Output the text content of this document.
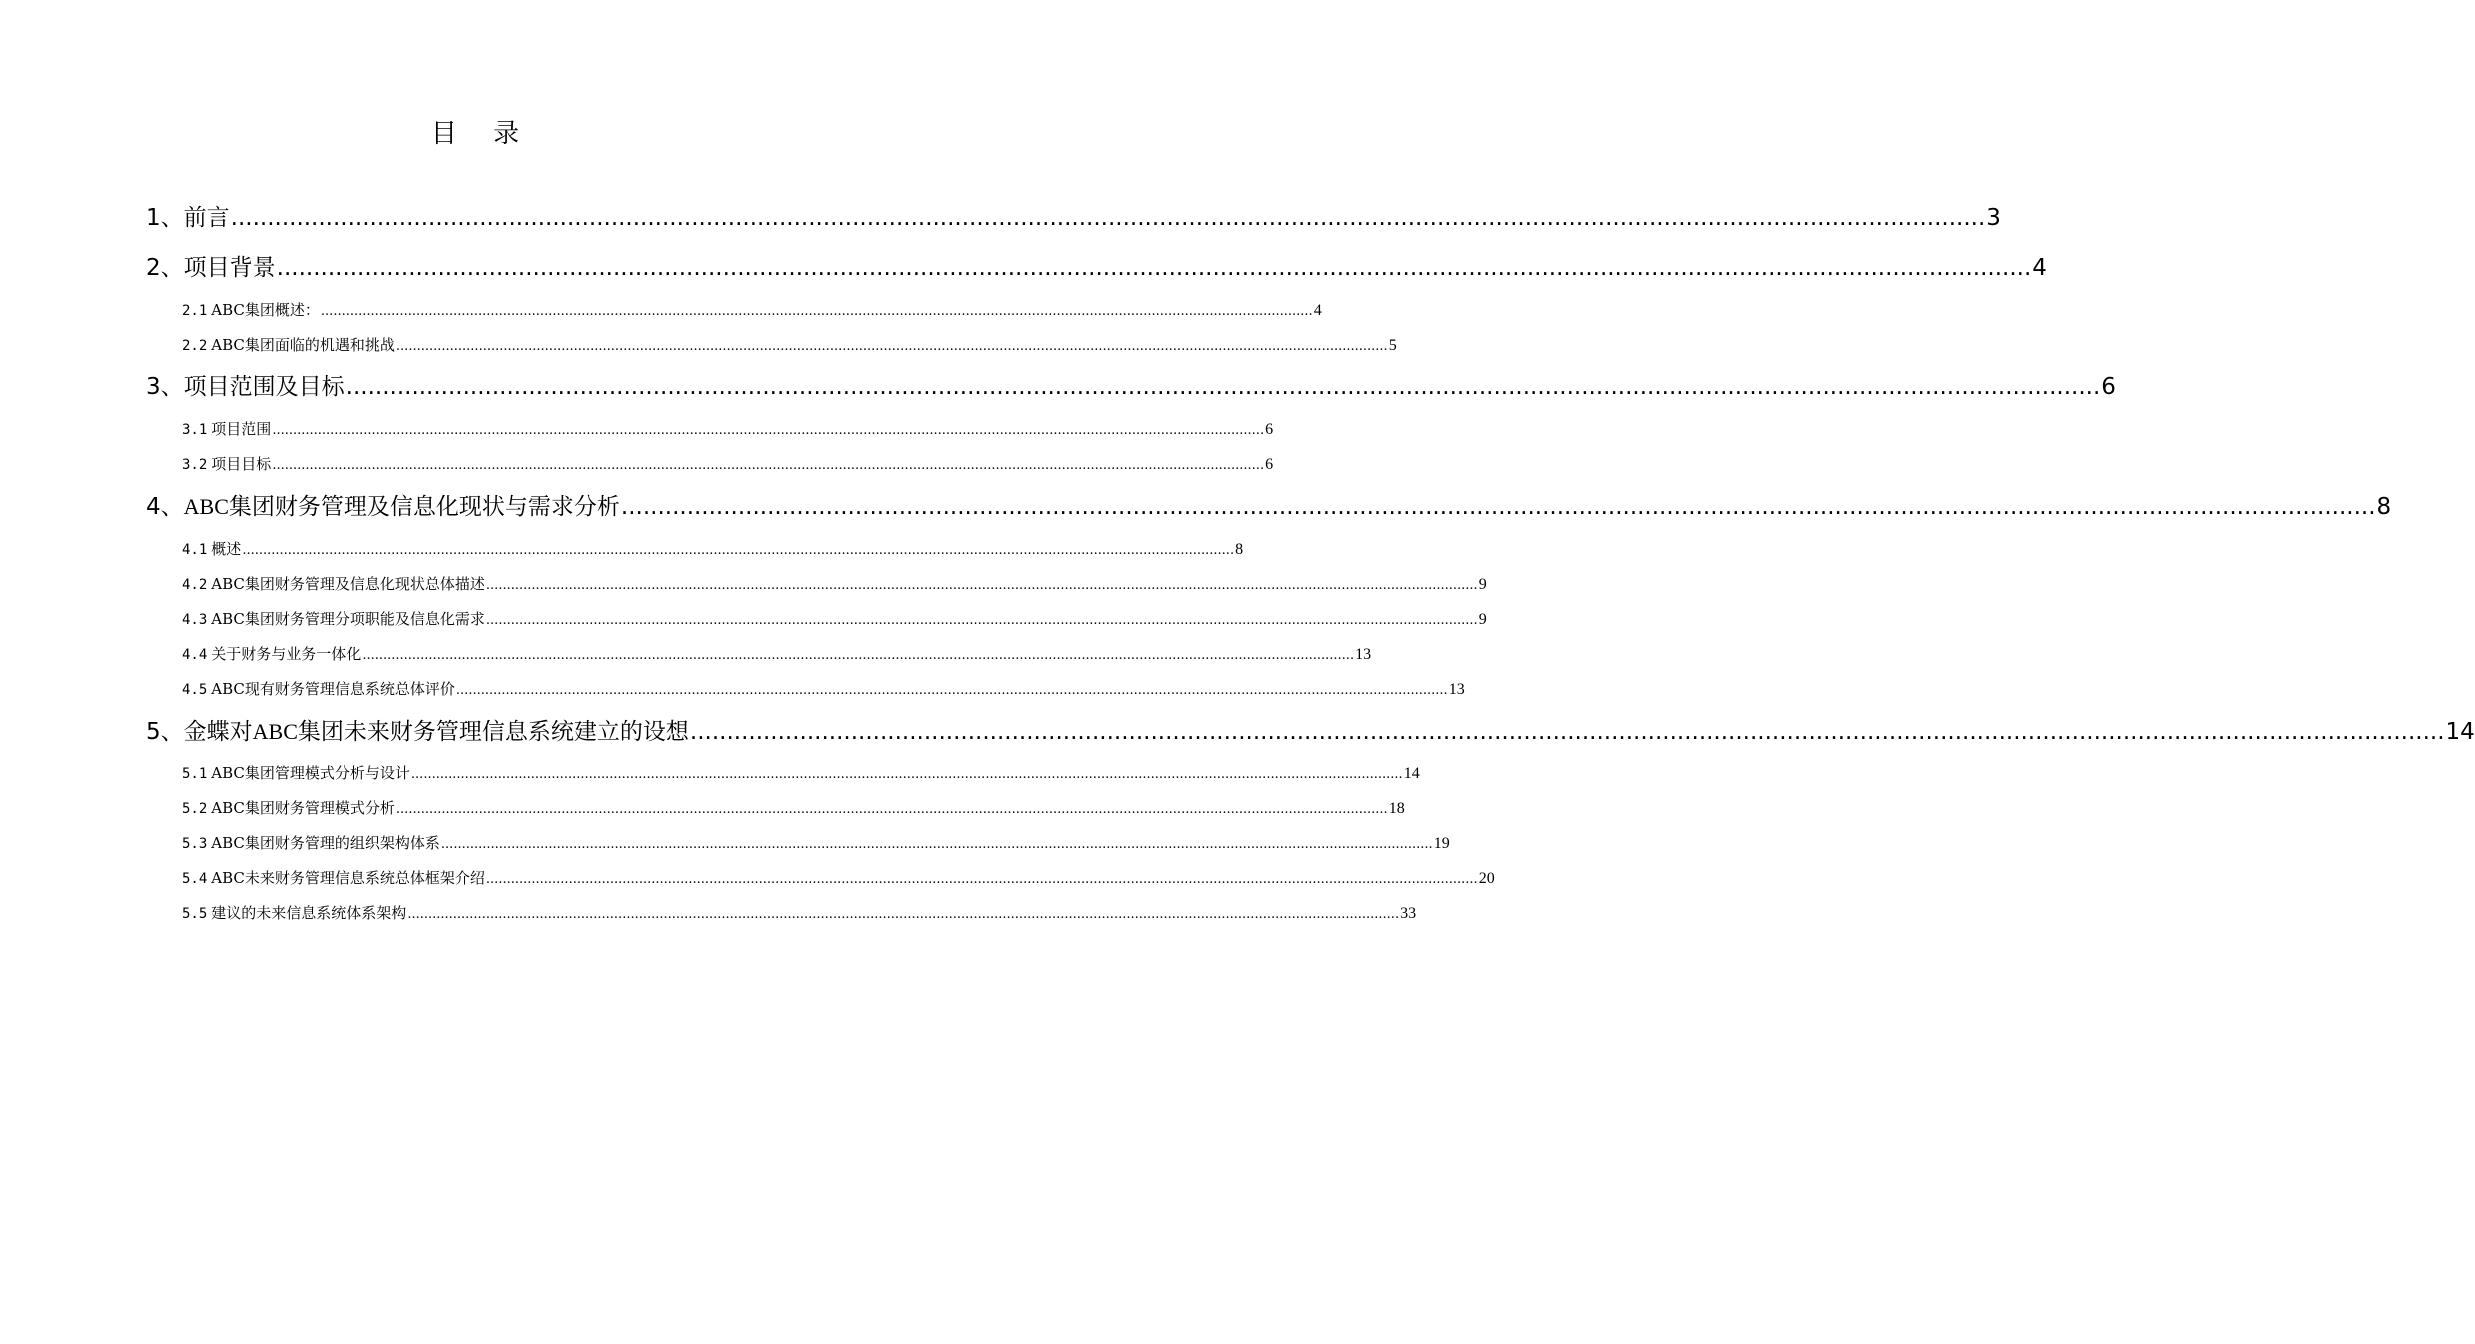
目 录
1、 前言 ................................................................................................................................................................................................................................................ 3
2、 项目背景 ................................................................................................................................................................................................................................................ 4
2.1 ABC集团概述： ................................................................................................................................................................................................................................................ 4
2.2 ABC集团面临的机遇和挑战 ................................................................................................................................................................................................................................................ 5
3、 项目范围及目标 ................................................................................................................................................................................................................................................ 6
3.1 项目范围 ................................................................................................................................................................................................................................................ 6
3.2 项目目标 ................................................................................................................................................................................................................................................ 6
4、 ABC 集团财务管理及信息化现状与需求分析 ................................................................................................................................................................................................................................................ 8
4.1 概述 ................................................................................................................................................................................................................................................ 8
4.2 ABC集团财务管理及信息化现状总体描述 ................................................................................................................................................................................................................................................ 9
4.3 ABC集团财务管理分项职能及信息化需求 ................................................................................................................................................................................................................................................ 9
4.4 关于财务与业务一体化 ................................................................................................................................................................................................................................................ 13
4.5 ABC现有财务管理信息系统总体评价 ................................................................................................................................................................................................................................................ 13
5、 金蝶对 ABC 集团未来财务管理信息系统建立的设想 ................................................................................................................................................................................................................................................ 14
5.1 ABC集团管理模式分析与设计 ................................................................................................................................................................................................................................................ 14
5.2 ABC集团财务管理模式分析 ................................................................................................................................................................................................................................................ 18
5.3 ABC集团财务管理的组织架构体系 ................................................................................................................................................................................................................................................ 19
5.4 ABC未来财务管理信息系统总体框架介绍 ................................................................................................................................................................................................................................................ 20
5.5 建议的未来信息系统体系架构 ................................................................................................................................................................................................................................................ 33
